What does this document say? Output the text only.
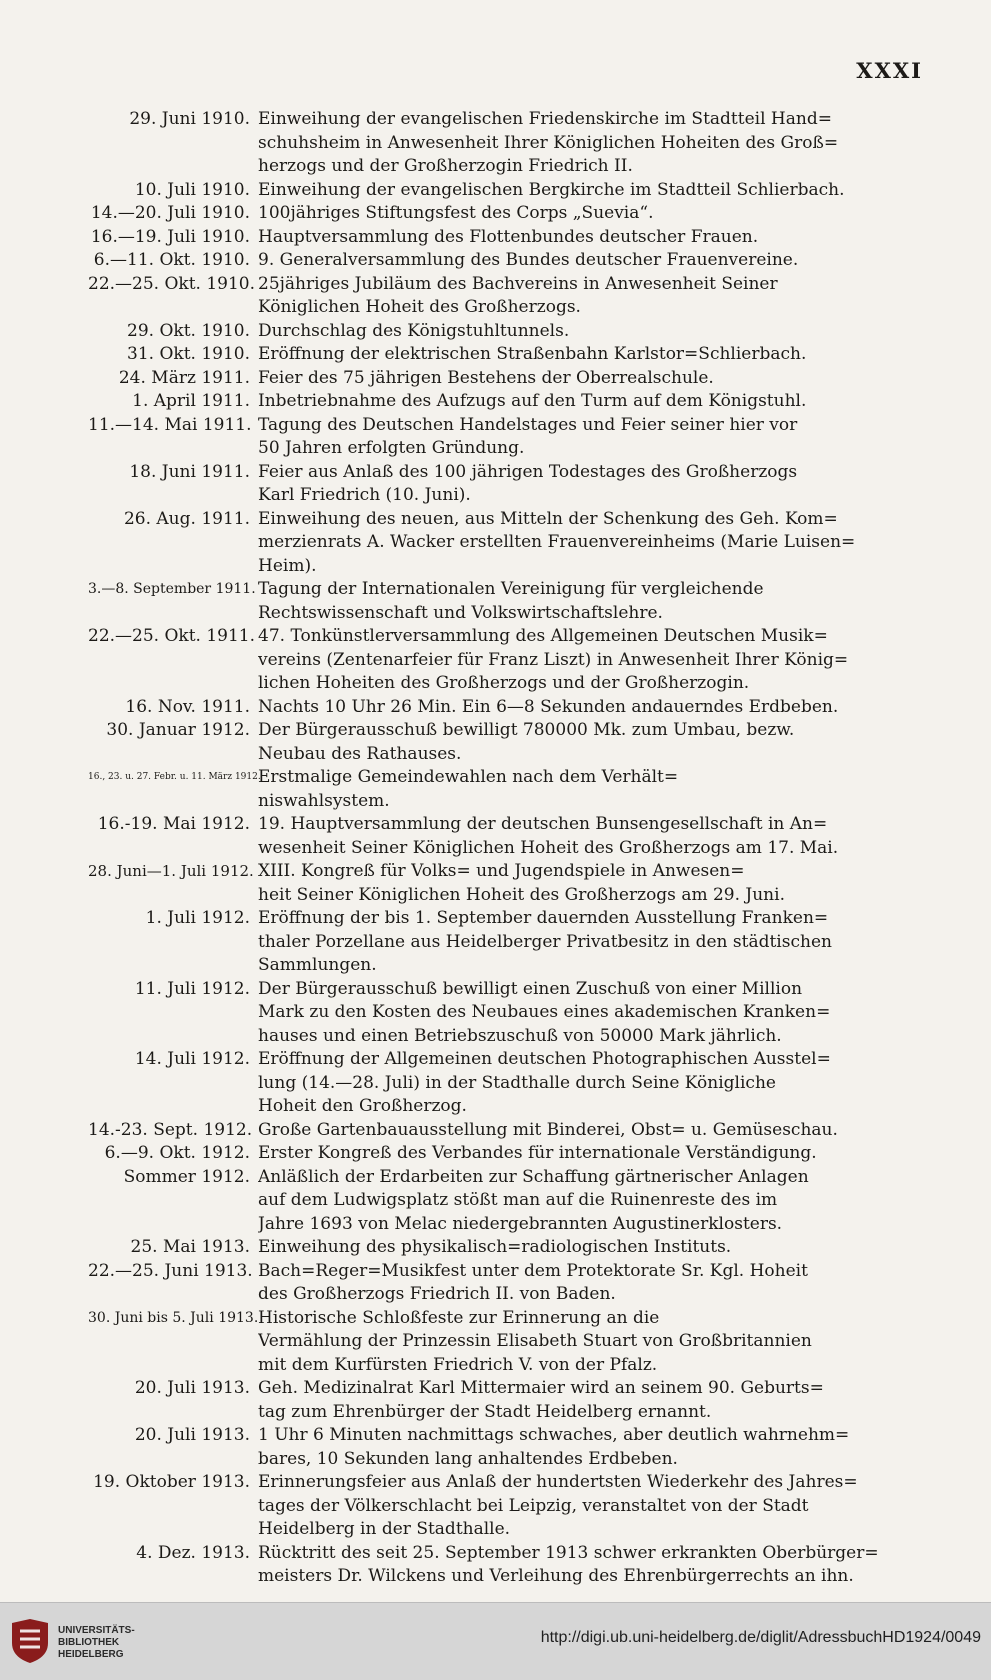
XXXI
29. Juni 1910. Einweihung der evangelischen Friedenskirche im Stadtteil Hand=
schuhsheim in Anwesenheit Ihrer Königlichen Hoheiten des Groß=
herzogs und der Großherzogin Friedrich II.
10. Juli 1910. Einweihung der evangelischen Bergkirche im Stadtteil Schlierbach.
14.—20. Juli 1910. 100jähriges Stiftungsfest des Corps „Suevia“.
16.—19. Juli 1910. Hauptversammlung des Flottenbundes deutscher Frauen.
6.—11. Okt. 1910. 9. Generalversammlung des Bundes deutscher Frauenvereine.
22.—25. Okt. 1910. 25jähriges Jubiläum des Bachvereins in Anwesenheit Seiner
Königlichen Hoheit des Großherzogs.
29. Okt. 1910. Durchschlag des Königstuhltunnels.
31. Okt. 1910. Eröffnung der elektrischen Straßenbahn Karlstor=Schlierbach.
24. März 1911. Feier des 75 jährigen Bestehens der Oberrealschule.
1. April 1911. Inbetriebnahme des Aufzugs auf den Turm auf dem Königstuhl.
11.—14. Mai 1911. Tagung des Deutschen Handelstages und Feier seiner hier vor
50 Jahren erfolgten Gründung.
18. Juni 1911. Feier aus Anlaß des 100 jährigen Todestages des Großherzogs
Karl Friedrich (10. Juni).
26. Aug. 1911. Einweihung des neuen, aus Mitteln der Schenkung des Geh. Kom=
merzienrats A. Wacker erstellten Frauenvereinheims (Marie Luisen=
Heim).
3.—8. September 1911. Tagung der Internationalen Vereinigung für vergleichende
Rechtswissenschaft und Volkswirtschaftslehre.
22.—25. Okt. 1911. 47. Tonkünstlerversammlung des Allgemeinen Deutschen Musik=
vereins (Zentenarfeier für Franz Liszt) in Anwesenheit Ihrer König=
lichen Hoheiten des Großherzogs und der Großherzogin.
16. Nov. 1911. Nachts 10 Uhr 26 Min. Ein 6—8 Sekunden andauerndes Erdbeben.
30. Januar 1912. Der Bürgerausschuß bewilligt 780000 Mk. zum Umbau, bezw.
Neubau des Rathauses.
16., 23. u. 27. Febr. u. 11. März 1912.
Erstmalige Gemeindewahlen nach dem Verhält=
niswahlsystem.
16.-19. Mai 1912. 19. Hauptversammlung der deutschen Bunsengesellschaft in An=
wesenheit Seiner Königlichen Hoheit des Großherzogs am 17. Mai.
28. Juni—1. Juli 1912. XIII. Kongreß für Volks= und Jugendspiele in Anwesen=
heit Seiner Königlichen Hoheit des Großherzogs am 29. Juni.
1. Juli 1912. Eröffnung der bis 1. September dauernden Ausstellung Franken=
thaler Porzellane aus Heidelberger Privatbesitz in den städtischen
Sammlungen.
11. Juli 1912. Der Bürgerausschuß bewilligt einen Zuschuß von einer Million
Mark zu den Kosten des Neubaues eines akademischen Kranken=
hauses und einen Betriebszuschuß von 50000 Mark jährlich.
14. Juli 1912. Eröffnung der Allgemeinen deutschen Photographischen Ausstel=
lung (14.—28. Juli) in der Stadthalle durch Seine Königliche
Hoheit den Großherzog.
14.-23. Sept. 1912. Große Gartenbauausstellung mit Binderei, Obst= u. Gemüseschau.
6.—9. Okt. 1912. Erster Kongreß des Verbandes für internationale Verständigung.
Sommer 1912. Anläßlich der Erdarbeiten zur Schaffung gärtnerischer Anlagen
auf dem Ludwigsplatz stößt man auf die Ruinenreste des im
Jahre 1693 von Melac niedergebrannten Augustinerklosters.
25. Mai 1913. Einweihung des physikalisch=radiologischen Instituts.
22.—25. Juni 1913. Bach=Reger=Musikfest unter dem Protektorate Sr. Kgl. Hoheit
des Großherzogs Friedrich II. von Baden.
30. Juni bis 5. Juli 1913. Historische Schloßfeste zur Erinnerung an die
Vermählung der Prinzessin Elisabeth Stuart von Großbritannien
mit dem Kurfürsten Friedrich V. von der Pfalz.
20. Juli 1913. Geh. Medizinalrat Karl Mittermaier wird an seinem 90. Geburts=
tag zum Ehrenbürger der Stadt Heidelberg ernannt.
20. Juli 1913. 1 Uhr 6 Minuten nachmittags schwaches, aber deutlich wahrnehm=
bares, 10 Sekunden lang anhaltendes Erdbeben.
19. Oktober 1913. Erinnerungsfeier aus Anlaß der hundertsten Wiederkehr des Jahres=
tages der Völkerschlacht bei Leipzig, veranstaltet von der Stadt
Heidelberg in der Stadthalle.
4. Dez. 1913. Rücktritt des seit 25. September 1913 schwer erkrankten Oberbürger=
meisters Dr. Wilckens und Verleihung des Ehrenbürgerrechts an ihn.
UNIVERSITÄTS-
BIBLIOTHEK
HEIDELBERG
http://digi.ub.uni-heidelberg.de/diglit/AdressbuchHD1924/0049
